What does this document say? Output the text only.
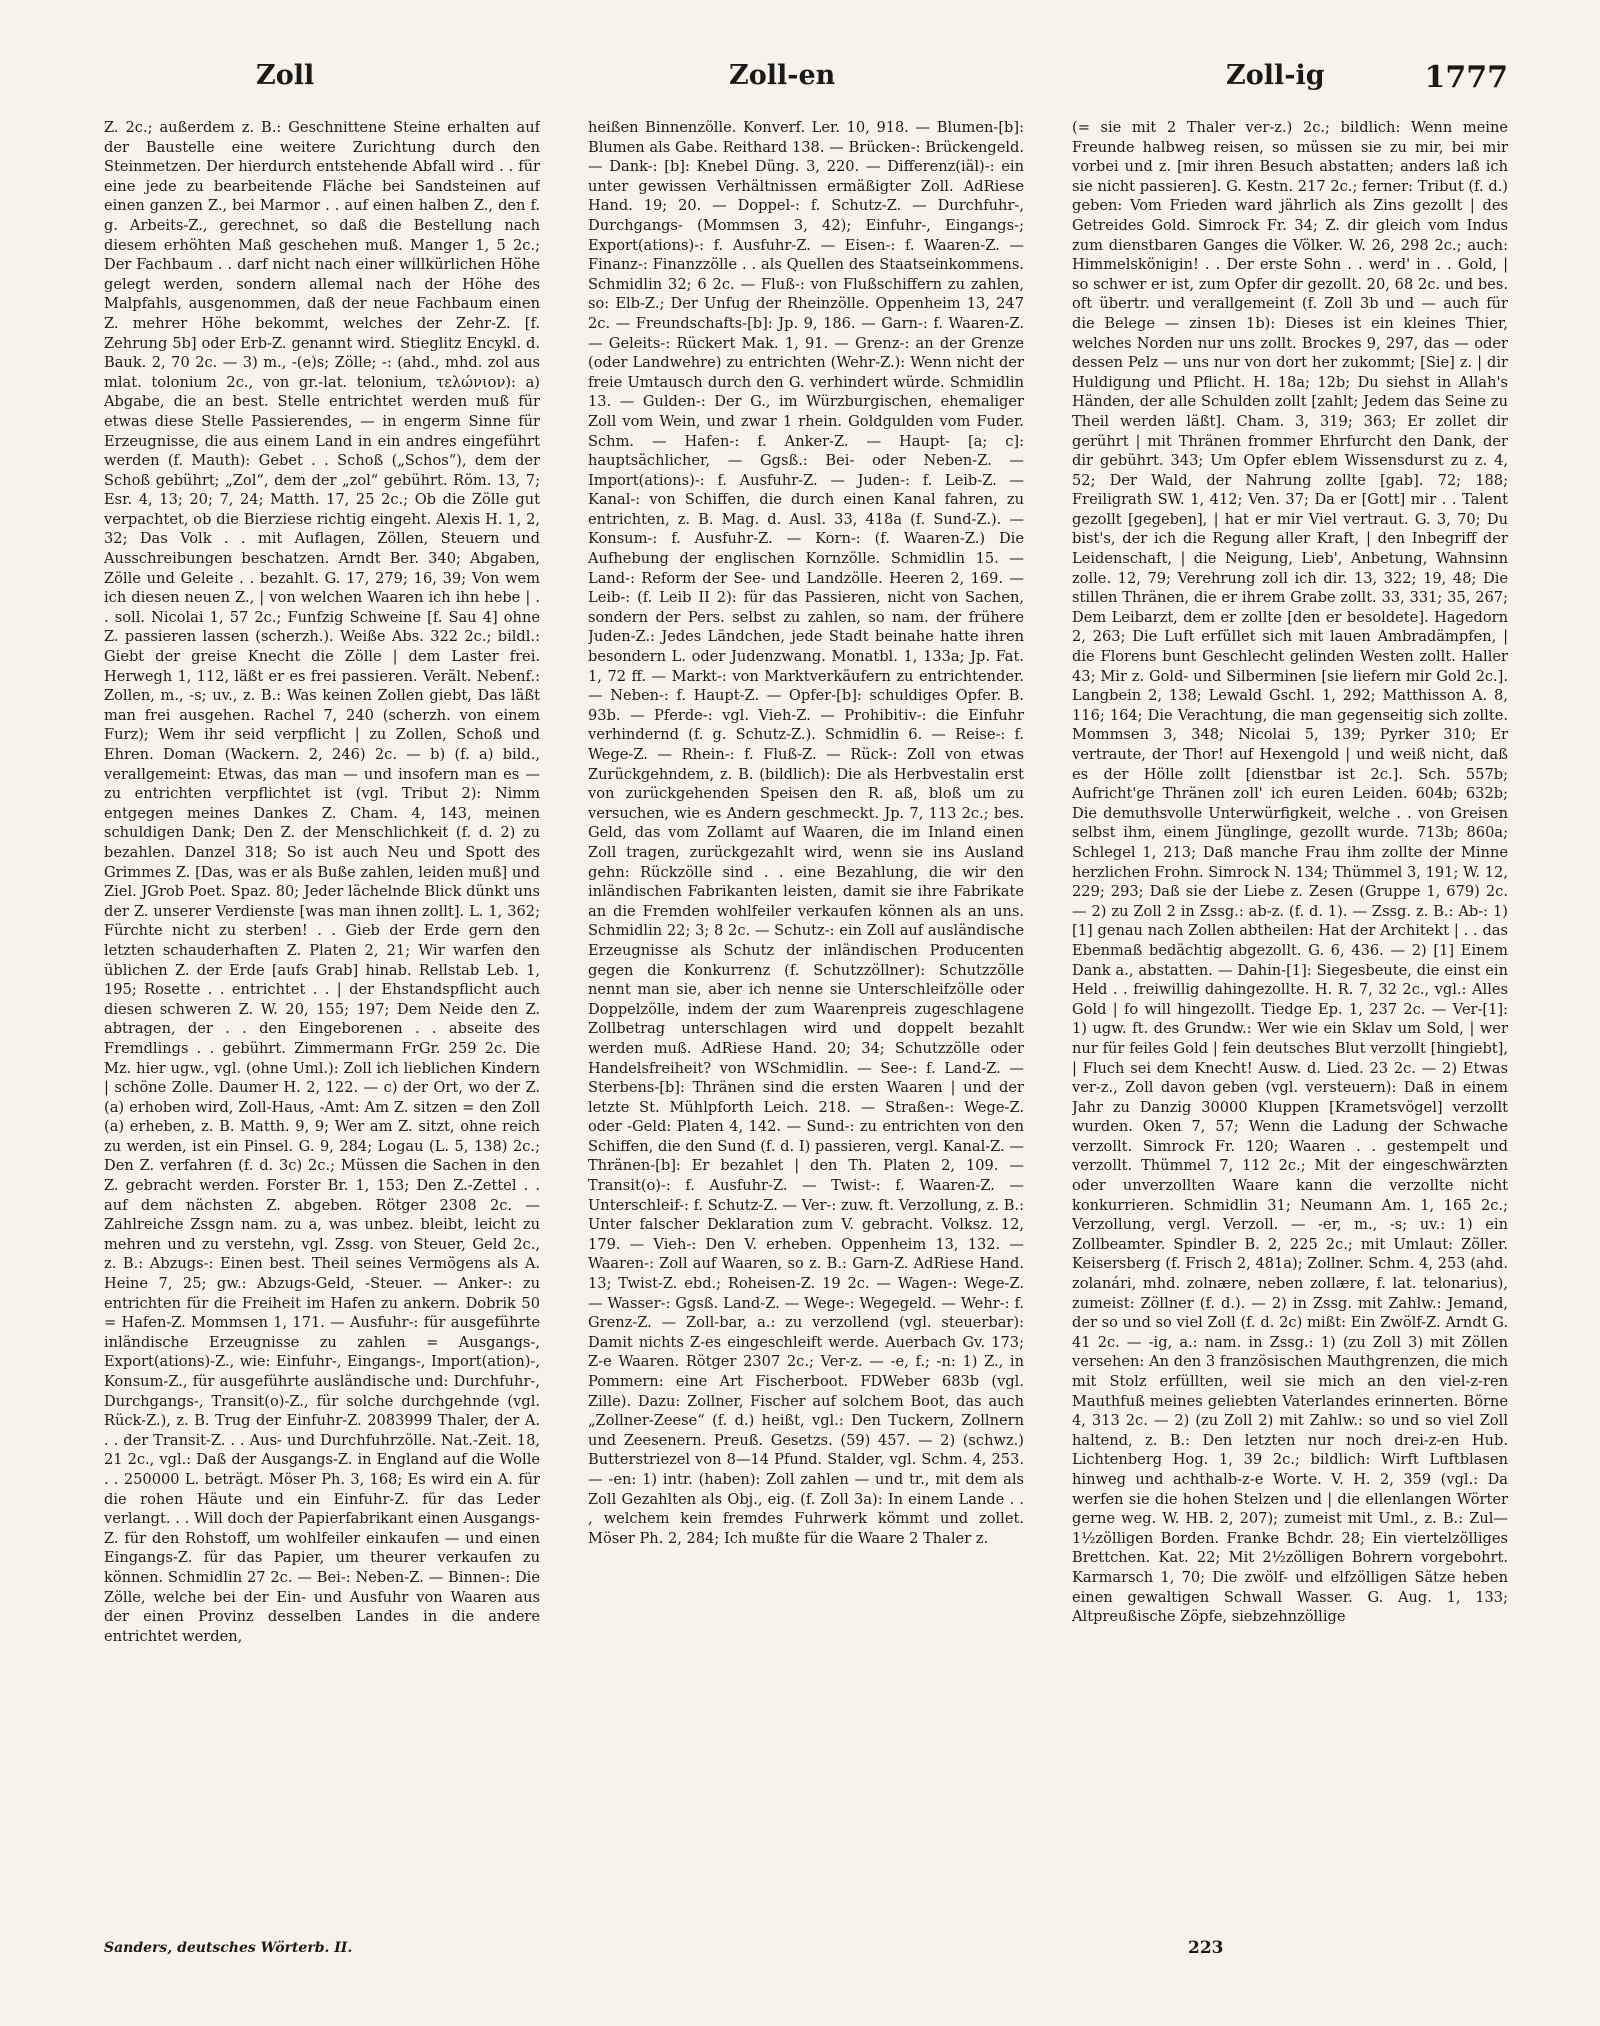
Zoll	Zoll-en	Zoll-ig	1777

Z. 2c.; außerdem z. B.: Geschnittene Steine erhalten auf der Baustelle eine weitere Zurichtung durch den Steinmetzen. Der hierdurch entstehende Abfall wird . . für eine jede zu bearbeitende Fläche bei Sandsteinen auf einen ganzen Z., bei Marmor . . auf einen halben Z., den f. g. Arbeits-Z., gerechnet, so daß die Bestellung nach diesem erhöhten Maß geschehen muß. Manger 1, 5 2c.; Der Fachbaum . . darf nicht nach einer willkürlichen Höhe gelegt werden, sondern allemal nach der Höhe des Malpfahls, ausgenommen, daß der neue Fachbaum einen Z. mehrer Höhe bekommt, welches der Zehr-Z. [f. Zehrung 5b] oder Erb-Z. genannt wird. Stieglitz Encykl. d. Bauk. 2, 70 2c. — 3) m., -(e)s; Zölle; -: (ahd., mhd. zol aus mlat. tolonium 2c., von gr.-lat. telonium, τελώνιον): a) Abgabe, die an best. Stelle entrichtet werden muß für etwas diese Stelle Passierendes, — in engerm Sinne für Erzeugnisse, die aus einem Land in ein andres eingeführt werden (f. Mauth): Gebet . . Schoß („Schos“), dem der Schoß gebührt; „Zol“, dem der „zol“ gebührt. Röm. 13, 7; Esr. 4, 13; 20; 7, 24; Matth. 17, 25 2c.; Ob die Zölle gut verpachtet, ob die Bierziese richtig eingeht. Alexis H. 1, 2, 32; Das Volk . . mit Auflagen, Zöllen, Steuern und Ausschreibungen beschatzen. Arndt Ber. 340; Abgaben, Zölle und Geleite . . bezahlt. G. 17, 279; 16, 39; Von wem ich diesen neuen Z., | von welchen Waaren ich ihn hebe | . . soll. Nicolai 1, 57 2c.; Funfzig Schweine [f. Sau 4] ohne Z. passieren lassen (scherzh.). Weiße Abs. 322 2c.; bildl.: Giebt der greise Knecht die Zölle | dem Laster frei. Herwegh 1, 112, läßt er es frei passieren. Verält. Nebenf.: Zollen, m., -s; uv., z. B.: Was keinen Zollen giebt, Das läßt man frei ausgehen. Rachel 7, 240 (scherzh. von einem Furz); Wem ihr seid verpflicht | zu Zollen, Schoß und Ehren. Doman (Wackern. 2, 246) 2c. — b) (f. a) bild., verallgemeint: Etwas, das man — und insofern man es — zu entrichten verpflichtet ist (vgl. Tribut 2): Nimm entgegen meines Dankes Z. Cham. 4, 143, meinen schuldigen Dank; Den Z. der Menschlichkeit (f. d. 2) zu bezahlen. Danzel 318; So ist auch Neu und Spott des Grimmes Z. [Das, was er als Buße zahlen, leiden muß] und Ziel. JGrob Poet. Spaz. 80; Jeder lächelnde Blick dünkt uns der Z. unserer Verdienste [was man ihnen zollt]. L. 1, 362; Fürchte nicht zu sterben! . . Gieb der Erde gern den letzten schauderhaften Z. Platen 2, 21; Wir warfen den üblichen Z. der Erde [aufs Grab] hinab. Rellstab Leb. 1, 195; Rosette . . entrichtet . . | der Ehstandspflicht auch diesen schweren Z. W. 20, 155; 197; Dem Neide den Z. abtragen, der . . den Eingeborenen . . abseite des Fremdlings . . gebührt. Zimmermann FrGr. 259 2c. Die Mz. hier ugw., vgl. (ohne Uml.): Zoll ich lieblichen Kindern | schöne Zolle. Daumer H. 2, 122. — c) der Ort, wo der Z. (a) erhoben wird, Zoll-Haus, -Amt: Am Z. sitzen = den Zoll (a) erheben, z. B. Matth. 9, 9; Wer am Z. sitzt, ohne reich zu werden, ist ein Pinsel. G. 9, 284; Logau (L. 5, 138) 2c.; Den Z. verfahren (f. d. 3c) 2c.; Müssen die Sachen in den Z. gebracht werden. Forster Br. 1, 153; Den Z.-Zettel . . auf dem nächsten Z. abgeben. Rötger 2308 2c. — Zahlreiche Zssgn nam. zu a, was unbez. bleibt, leicht zu mehren und zu verstehn, vgl. Zssg. von Steuer, Geld 2c., z. B.: Abzugs-: Einen best. Theil seines Vermögens als A. Heine 7, 25; gw.: Abzugs-Geld, -Steuer. — Anker-: zu entrichten für die Freiheit im Hafen zu ankern. Dobrik 50 = Hafen-Z. Mommsen 1, 171. — Ausfuhr-: für ausgeführte inländische Erzeugnisse zu zahlen = Ausgangs-, Export(ations)-Z., wie: Einfuhr-, Eingangs-, Import(ation)-, Konsum-Z., für ausgeführte ausländische und: Durchfuhr-, Durchgangs-, Transit(o)-Z., für solche durchgehnde (vgl. Rück-Z.), z. B. Trug der Einfuhr-Z. 2083999 Thaler, der A. . . der Transit-Z. . . Aus- und Durchfuhrzölle. Nat.-Zeit. 18, 21 2c., vgl.: Daß der Ausgangs-Z. in England auf die Wolle . . 250000 L. beträgt. Möser Ph. 3, 168; Es wird ein A. für die rohen Häute und ein Einfuhr-Z. für das Leder verlangt. . . Will doch der Papierfabrikant einen Ausgangs-Z. für den Rohstoff, um wohlfeiler einkaufen — und einen Eingangs-Z. für das Papier, um theurer verkaufen zu können. Schmidlin 27 2c. — Bei-: Neben-Z. — Binnen-: Die Zölle, welche bei der Ein- und Ausfuhr von Waaren aus der einen Provinz desselben Landes in die andere entrichtet werden,

heißen Binnenzölle. Konverf. Ler. 10, 918. — Blumen-[b]: Blumen als Gabe. Reithard 138. — Brücken-: Brückengeld. — Dank-: [b]: Knebel Düng. 3, 220. — Differenz(iäl)-: ein unter gewissen Verhältnissen ermäßigter Zoll. AdRiese Hand. 19; 20. — Doppel-: f. Schutz-Z. — Durchfuhr-, Durchgangs- (Mommsen 3, 42); Einfuhr-, Eingangs-; Export(ations)-: f. Ausfuhr-Z. — Eisen-: f. Waaren-Z. — Finanz-: Finanzzölle . . als Quellen des Staatseinkommens. Schmidlin 32; 6 2c. — Fluß-: von Flußschiffern zu zahlen, so: Elb-Z.; Der Unfug der Rheinzölle. Oppenheim 13, 247 2c. — Freundschafts-[b]: Jp. 9, 186. — Garn-: f. Waaren-Z. — Geleits-: Rückert Mak. 1, 91. — Grenz-: an der Grenze (oder Landwehre) zu entrichten (Wehr-Z.): Wenn nicht der freie Umtausch durch den G. verhindert würde. Schmidlin 13. — Gulden-: Der G., im Würzburgischen, ehemaliger Zoll vom Wein, und zwar 1 rhein. Goldgulden vom Fuder. Schm. — Hafen-: f. Anker-Z. — Haupt- [a; c]: hauptsächlicher, — Ggsß.: Bei- oder Neben-Z. — Import(ations)-: f. Ausfuhr-Z. — Juden-: f. Leib-Z. — Kanal-: von Schiffen, die durch einen Kanal fahren, zu entrichten, z. B. Mag. d. Ausl. 33, 418a (f. Sund-Z.). — Konsum-: f. Ausfuhr-Z. — Korn-: (f. Waaren-Z.) Die Aufhebung der englischen Kornzölle. Schmidlin 15. — Land-: Reform der See- und Landzölle. Heeren 2, 169. — Leib-: (f. Leib II 2): für das Passieren, nicht von Sachen, sondern der Pers. selbst zu zahlen, so nam. der frühere Juden-Z.: Jedes Ländchen, jede Stadt beinahe hatte ihren besondern L. oder Judenzwang. Monatbl. 1, 133a; Jp. Fat. 1, 72 ff. — Markt-: von Marktverkäufern zu entrichtender. — Neben-: f. Haupt-Z. — Opfer-[b]: schuldiges Opfer. B. 93b. — Pferde-: vgl. Vieh-Z. — Prohibitiv-: die Einfuhr verhindernd (f. g. Schutz-Z.). Schmidlin 6. — Reise-: f. Wege-Z. — Rhein-: f. Fluß-Z. — Rück-: Zoll von etwas Zurückgehndem, z. B. (bildlich): Die als Herbvestalin erst von zurückgehenden Speisen den R. aß, bloß um zu versuchen, wie es Andern geschmeckt. Jp. 7, 113 2c.; bes. Geld, das vom Zollamt auf Waaren, die im Inland einen Zoll tragen, zurückgezahlt wird, wenn sie ins Ausland gehn: Rückzölle sind . . eine Bezahlung, die wir den inländischen Fabrikanten leisten, damit sie ihre Fabrikate an die Fremden wohlfeiler verkaufen können als an uns. Schmidlin 22; 3; 8 2c. — Schutz-: ein Zoll auf ausländische Erzeugnisse als Schutz der inländischen Producenten gegen die Konkurrenz (f. Schutzzöllner): Schutzzölle nennt man sie, aber ich nenne sie Unterschleifzölle oder Doppelzölle, indem der zum Waarenpreis zugeschlagene Zollbetrag unterschlagen wird und doppelt bezahlt werden muß. AdRiese Hand. 20; 34; Schutzzölle oder Handelsfreiheit? von WSchmidlin. — See-: f. Land-Z. — Sterbens-[b]: Thränen sind die ersten Waaren | und der letzte St. Mühlpforth Leich. 218. — Straßen-: Wege-Z. oder -Geld: Platen 4, 142. — Sund-: zu entrichten von den Schiffen, die den Sund (f. d. I) passieren, vergl. Kanal-Z. — Thränen-[b]: Er bezahlet | den Th. Platen 2, 109. — Transit(o)-: f. Ausfuhr-Z. — Twist-: f. Waaren-Z. — Unterschleif-: f. Schutz-Z. — Ver-: zuw. ft. Verzollung, z. B.: Unter falscher Deklaration zum V. gebracht. Volksz. 12, 179. — Vieh-: Den V. erheben. Oppenheim 13, 132. — Waaren-: Zoll auf Waaren, so z. B.: Garn-Z. AdRiese Hand. 13; Twist-Z. ebd.; Roheisen-Z. 19 2c. — Wagen-: Wege-Z. — Wasser-: Ggsß. Land-Z. — Wege-: Wegegeld. — Wehr-: f. Grenz-Z. — Zoll-bar, a.: zu verzollend (vgl. steuerbar): Damit nichts Z-es eingeschleift werde. Auerbach Gv. 173; Z-e Waaren. Rötger 2307 2c.; Ver-z. — -e, f.; -n: 1) Z., in Pommern: eine Art Fischerboot. FDWeber 683b (vgl. Zille). Dazu: Zollner, Fischer auf solchem Boot, das auch „Zollner-Zeese“ (f. d.) heißt, vgl.: Den Tuckern, Zollnern und Zeesenern. Preuß. Gesetzs. (59) 457. — 2) (schwz.) Butterstriezel von 8—14 Pfund. Stalder, vgl. Schm. 4, 253. — -en: 1) intr. (haben): Zoll zahlen — und tr., mit dem als Zoll Gezahlten als Obj., eig. (f. Zoll 3a): In einem Lande . . , welchem kein fremdes Fuhrwerk kömmt und zollet. Möser Ph. 2, 284; Ich mußte für die Waare 2 Thaler z.

(= sie mit 2 Thaler ver-z.) 2c.; bildlich: Wenn meine Freunde halbweg reisen, so müssen sie zu mir, bei mir vorbei und z. [mir ihren Besuch abstatten; anders laß ich sie nicht passieren]. G. Kestn. 217 2c.; ferner: Tribut (f. d.) geben: Vom Frieden ward jährlich als Zins gezollt | des Getreides Gold. Simrock Fr. 34; Z. dir gleich vom Indus zum dienstbaren Ganges die Völker. W. 26, 298 2c.; auch: Himmelskönigin! . . Der erste Sohn . . werd' in . . Gold, | so schwer er ist, zum Opfer dir gezollt. 20, 68 2c. und bes. oft übertr. und verallgemeint (f. Zoll 3b und — auch für die Belege — zinsen 1b): Dieses ist ein kleines Thier, welches Norden nur uns zollt. Brockes 9, 297, das — oder dessen Pelz — uns nur von dort her zukommt; [Sie] z. | dir Huldigung und Pflicht. H. 18a; 12b; Du siehst in Allah's Händen, der alle Schulden zollt [zahlt; Jedem das Seine zu Theil werden läßt]. Cham. 3, 319; 363; Er zollet dir gerührt | mit Thränen frommer Ehrfurcht den Dank, der dir gebührt. 343; Um Opfer eblem Wissensdurst zu z. 4, 52; Der Wald, der Nahrung zollte [gab]. 72; 188; Freiligrath SW. 1, 412; Ven. 37; Da er [Gott] mir . . Talent gezollt [gegeben], | hat er mir Viel vertraut. G. 3, 70; Du bist's, der ich die Regung aller Kraft, | den Inbegriff der Leidenschaft, | die Neigung, Lieb', Anbetung, Wahnsinn zolle. 12, 79; Verehrung zoll ich dir. 13, 322; 19, 48; Die stillen Thränen, die er ihrem Grabe zollt. 33, 331; 35, 267; Dem Leibarzt, dem er zollte [den er besoldete]. Hagedorn 2, 263; Die Luft erfüllet sich mit lauen Ambradämpfen, | die Florens bunt Geschlecht gelinden Westen zollt. Haller 43; Mir z. Gold- und Silberminen [sie liefern mir Gold 2c.]. Langbein 2, 138; Lewald Gschl. 1, 292; Matthisson A. 8, 116; 164; Die Verachtung, die man gegenseitig sich zollte. Mommsen 3, 348; Nicolai 5, 139; Pyrker 310; Er vertraute, der Thor! auf Hexengold | und weiß nicht, daß es der Hölle zollt [dienstbar ist 2c.]. Sch. 557b; Aufricht'ge Thränen zoll' ich euren Leiden. 604b; 632b; Die demuthsvolle Unterwürfigkeit, welche . . von Greisen selbst ihm, einem Jünglinge, gezollt wurde. 713b; 860a; Schlegel 1, 213; Daß manche Frau ihm zollte der Minne herzlichen Frohn. Simrock N. 134; Thümmel 3, 191; W. 12, 229; 293; Daß sie der Liebe z. Zesen (Gruppe 1, 679) 2c. — 2) zu Zoll 2 in Zssg.: ab-z. (f. d. 1). — Zssg. z. B.: Ab-: 1) [1] genau nach Zollen abtheilen: Hat der Architekt | . . das Ebenmaß bedächtig abgezollt. G. 6, 436. — 2) [1] Einem Dank a., abstatten. — Dahin-[1]: Siegesbeute, die einst ein Held . . freiwillig dahingezollte. H. R. 7, 32 2c., vgl.: Alles Gold | fo will hingezollt. Tiedge Ep. 1, 237 2c. — Ver-[1]: 1) ugw. ft. des Grundw.: Wer wie ein Sklav um Sold, | wer nur für feiles Gold | fein deutsches Blut verzollt [hingiebt], | Fluch sei dem Knecht! Ausw. d. Lied. 23 2c. — 2) Etwas ver-z., Zoll davon geben (vgl. versteuern): Daß in einem Jahr zu Danzig 30000 Kluppen [Krametsvögel] verzollt wurden. Oken 7, 57; Wenn die Ladung der Schwache verzollt. Simrock Fr. 120; Waaren . . gestempelt und verzollt. Thümmel 7, 112 2c.; Mit der eingeschwärzten oder unverzollten Waare kann die verzollte nicht konkurrieren. Schmidlin 31; Neumann Am. 1, 165 2c.; Verzollung, vergl. Verzoll. — -er, m., -s; uv.: 1) ein Zollbeamter. Spindler B. 2, 225 2c.; mit Umlaut: Zöller. Keisersberg (f. Frisch 2, 481a); Zollner. Schm. 4, 253 (ahd. zolanári, mhd. zolnære, neben zollære, f. lat. telonarius), zumeist: Zöllner (f. d.). — 2) in Zssg. mit Zahlw.: Jemand, der so und so viel Zoll (f. d. 2c) mißt: Ein Zwölf-Z. Arndt G. 41 2c. — -ig, a.: nam. in Zssg.: 1) (zu Zoll 3) mit Zöllen versehen: An den 3 französischen Mauthgrenzen, die mich mit Stolz erfüllten, weil sie mich an den viel-z-ren Mauthfuß meines geliebten Vaterlandes erinnerten. Börne 4, 313 2c. — 2) (zu Zoll 2) mit Zahlw.: so und so viel Zoll haltend, z. B.: Den letzten nur noch drei-z-en Hub. Lichtenberg Hog. 1, 39 2c.; bildlich: Wirft Luftblasen hinweg und achthalb-z-e Worte. V. H. 2, 359 (vgl.: Da werfen sie die hohen Stelzen und | die ellenlangen Wörter gerne weg. W. HB. 2, 207); zumeist mit Uml., z. B.: Zul—1½zölligen Borden. Franke Bchdr. 28; Ein viertelzölliges Brettchen. Kat. 22; Mit 2½zölligen Bohrern vorgebohrt. Karmarsch 1, 70; Die zwölf- und elfzölligen Sätze heben einen gewaltigen Schwall Wasser. G. Aug. 1, 133; Altpreußische Zöpfe, siebzehnzöllige

Sanders, deutsches Wörterb. II.	223
